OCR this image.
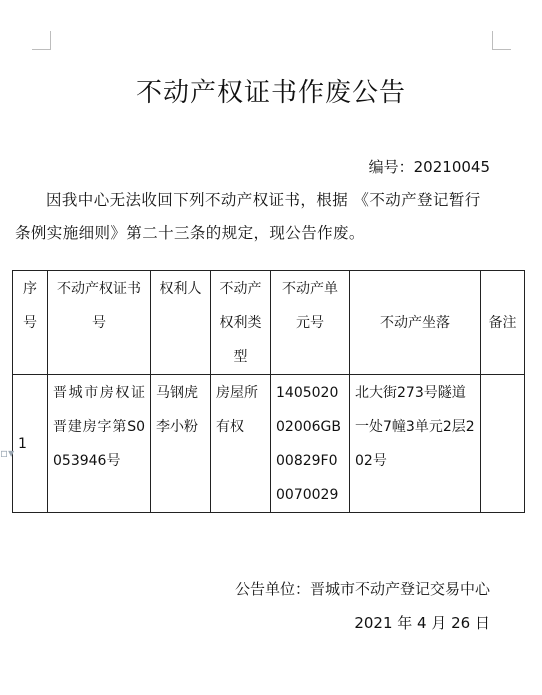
不动产权证书作废公告
编号：20210045
因我中心无法收回下列不动产权证书，根据 《不动产登记暂行条例实施细则》第二十三条的规定，现公告作废。
序号	不动产权证书号	权利人	不动产权利类型	不动产单元号	不动产坐落	备注
1	晋城市房权证晋建房字第S0053946号	马钢虎李小粉	房屋所有权	140502002006GB00829F00070029	北大街273号隧道一处7幢3单元2层202号	
▫▾
公告单位：晋城市不动产登记交易中心
2021 年 4 月 26 日
